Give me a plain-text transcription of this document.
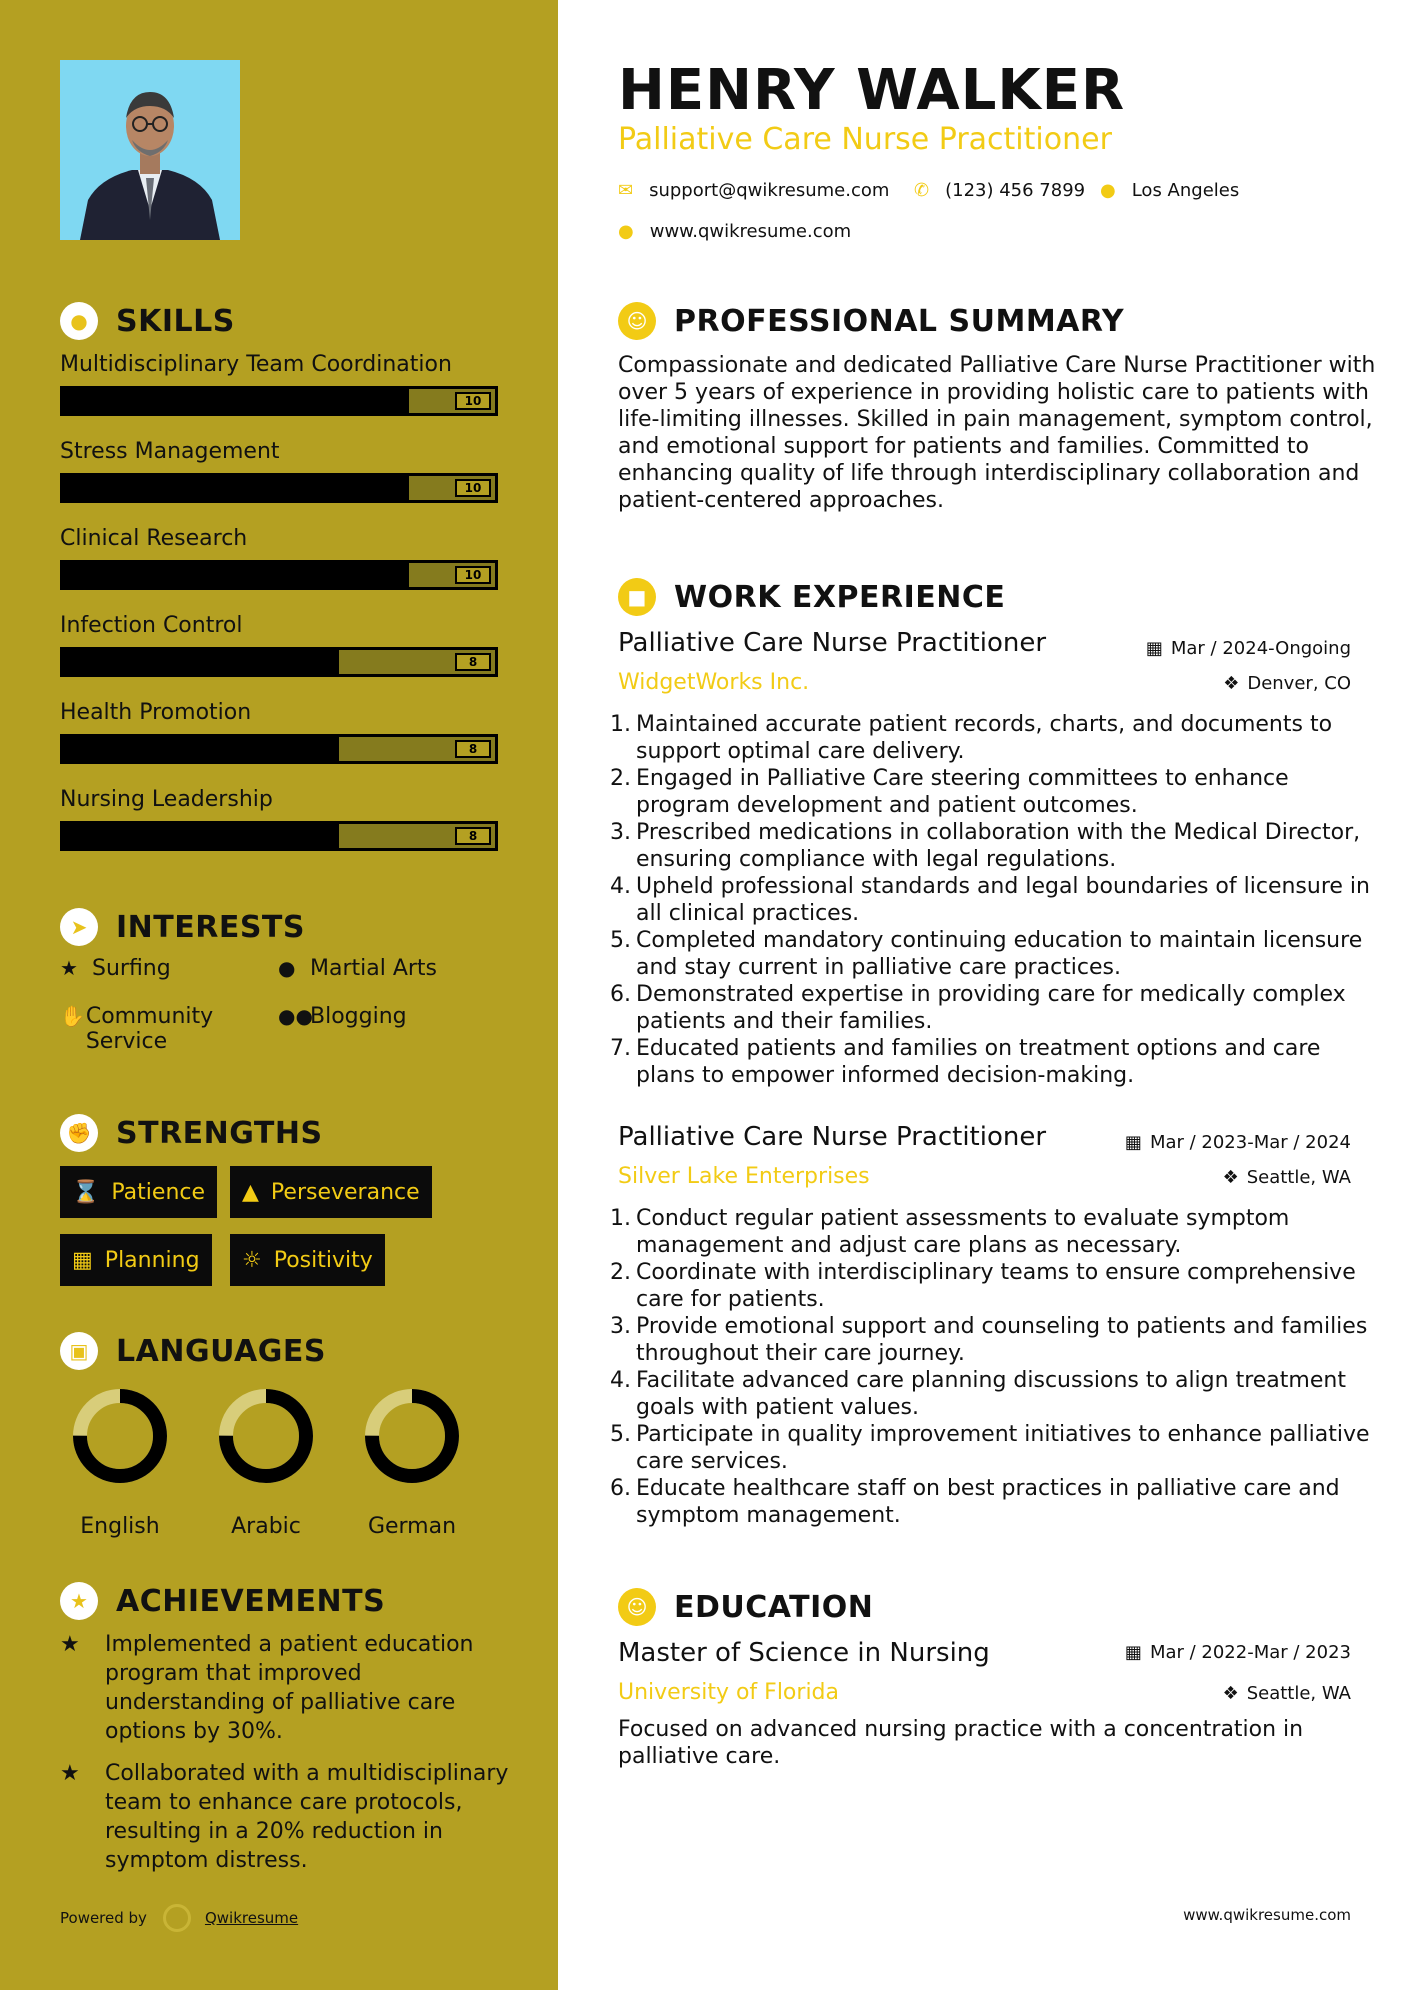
● SKILLS
Multidisciplinary Team Coordination
10
Stress Management
10
Clinical Research
10
Infection Control
8
Health Promotion
8
Nursing Leadership
8
➤ INTERESTS
★ Surfing	● Martial Arts
✋ Community Service
●●
Blogging
✊ STRENGTHS
⌛ Patience ▲ Perseverance
▦ Planning ☼ Positivity
▣ LANGUAGES
English	Arabic	German
★ ACHIEVEMENTS
★	Implemented a patient education program that improved understanding of palliative care options by 30%.
★	Collaborated with a multidisciplinary team to enhance care protocols, resulting in a 20% reduction in symptom distress.
Powered by	Qwikresume
HENRY WALKER
Palliative Care Nurse Practitioner
✉ support@qwikresume.com ✆ (123) 456 7899 ● Los Angeles
● www.qwikresume.com
☺ PROFESSIONAL SUMMARY
Compassionate and dedicated Palliative Care Nurse Practitioner with over 5 years of experience in providing holistic care to patients with life-limiting illnesses. Skilled in pain management, symptom control, and emotional support for patients and families. Committed to enhancing quality of life through interdisciplinary collaboration and patient-centered approaches.
■ WORK EXPERIENCE
Palliative Care Nurse Practitioner	▦ Mar / 2024-Ongoing
WidgetWorks Inc.	❖ Denver, CO
1. Maintained accurate patient records, charts, and documents to support optimal care delivery.
2. Engaged in Palliative Care steering committees to enhance program development and patient outcomes.
3. Prescribed medications in collaboration with the Medical Director, ensuring compliance with legal regulations.
4. Upheld professional standards and legal boundaries of licensure in all clinical practices.
5. Completed mandatory continuing education to maintain licensure and stay current in palliative care practices.
6. Demonstrated expertise in providing care for medically complex patients and their families.
7. Educated patients and families on treatment options and care plans to empower informed decision-making.
Palliative Care Nurse Practitioner	▦ Mar / 2023-Mar / 2024
Silver Lake Enterprises	❖ Seattle, WA
1. Conduct regular patient assessments to evaluate symptom management and adjust care plans as necessary.
2. Coordinate with interdisciplinary teams to ensure comprehensive care for patients.
3. Provide emotional support and counseling to patients and families throughout their care journey.
4. Facilitate advanced care planning discussions to align treatment goals with patient values.
5. Participate in quality improvement initiatives to enhance palliative care services.
6. Educate healthcare staff on best practices in palliative care and symptom management.
☺ EDUCATION
Master of Science in Nursing	▦ Mar / 2022-Mar / 2023
University of Florida	❖ Seattle, WA
Focused on advanced nursing practice with a concentration in palliative care.
www.qwikresume.com
